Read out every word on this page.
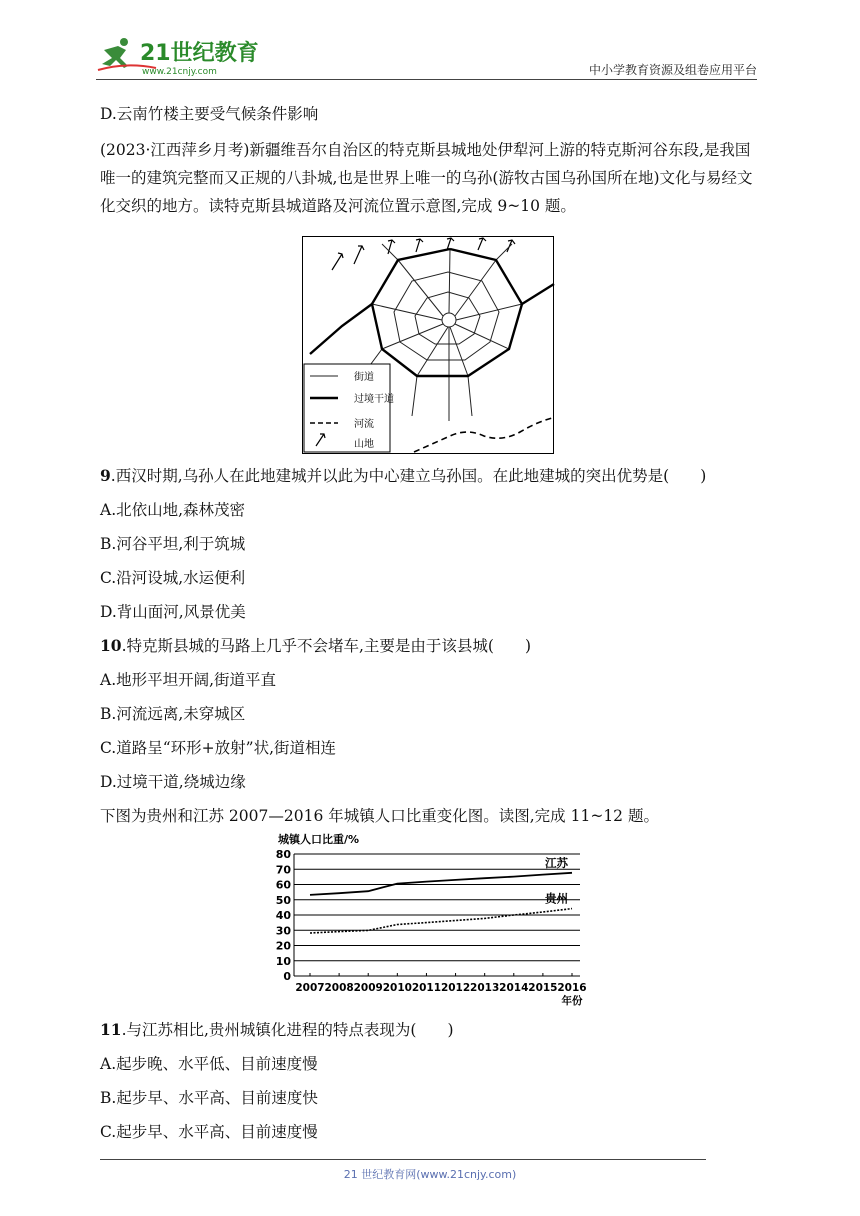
21世纪教育
www.21cnjy.com	中小学教育资源及组卷应用平台
D.云南竹楼主要受气候条件影响
(2023·江西萍乡月考)新疆维吾尔自治区的特克斯县城地处伊犁河上游的特克斯河谷东段,是我国唯一的建筑完整而又正规的八卦城,也是世界上唯一的乌孙(游牧古国乌孙国所在地)文化与易经文化交织的地方。读特克斯县城道路及河流位置示意图,完成 9~10 题。
街道
过境干道
河流
山地
9.西汉时期,乌孙人在此地建城并以此为中心建立乌孙国。在此地建城的突出优势是(　　)
A.北依山地,森林茂密
B.河谷平坦,利于筑城
C.沿河设城,水运便利
D.背山面河,风景优美
10.特克斯县城的马路上几乎不会堵车,主要是由于该县城(　　)
A.地形平坦开阔,街道平直
B.河流远离,未穿城区
C.道路呈“环形+放射”状,街道相连
D.过境干道,绕城边缘
下图为贵州和江苏 2007—2016 年城镇人口比重变化图。读图,完成 11~12 题。
城镇人口比重/%
0
10
20
30
40
50
60
70
80
2007 2008 2009 2010 2011 2012 2013 2014 2015 2016
年份
江苏
贵州
11.与江苏相比,贵州城镇化进程的特点表现为(　　)
A.起步晚、水平低、目前速度慢
B.起步早、水平高、目前速度快
C.起步早、水平高、目前速度慢
21 世纪教育网(www.21cnjy.com)
